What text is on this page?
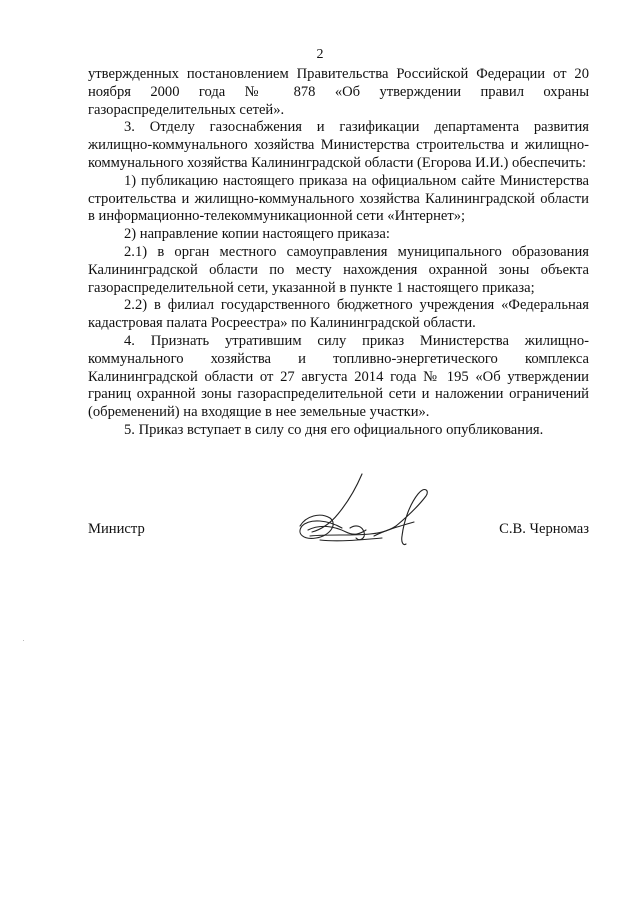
2

утвержденных постановлением Правительства Российской Федерации от 20 ноября 2000 года № 878 «Об утверждении правил охраны газораспределительных сетей».

3. Отделу газоснабжения и газификации департамента развития жилищно-коммунального хозяйства Министерства строительства и жилищно-коммунального хозяйства Калининградской области (Егорова И.И.) обеспечить:

1) публикацию настоящего приказа на официальном сайте Министерства строительства и жилищно-коммунального хозяйства Калининградской области в информационно-телекоммуникационной сети «Интернет»;

2) направление копии настоящего приказа:

2.1) в орган местного самоуправления муниципального образования Калининградской области по месту нахождения охранной зоны объекта газораспределительной сети, указанной в пункте 1 настоящего приказа;

2.2) в филиал государственного бюджетного учреждения «Федеральная кадастровая палата Росреестра» по Калининградской области.

4. Признать утратившим силу приказ Министерства жилищно-коммунального хозяйства и топливно-энергетического комплекса Калининградской области от 27 августа 2014 года № 195 «Об утверждении границ охранной зоны газораспределительной сети и наложении ограничений (обременений) на входящие в нее земельные участки».

5. Приказ вступает в силу со дня его официального опубликования.

Министр	С.В. Черномаз
